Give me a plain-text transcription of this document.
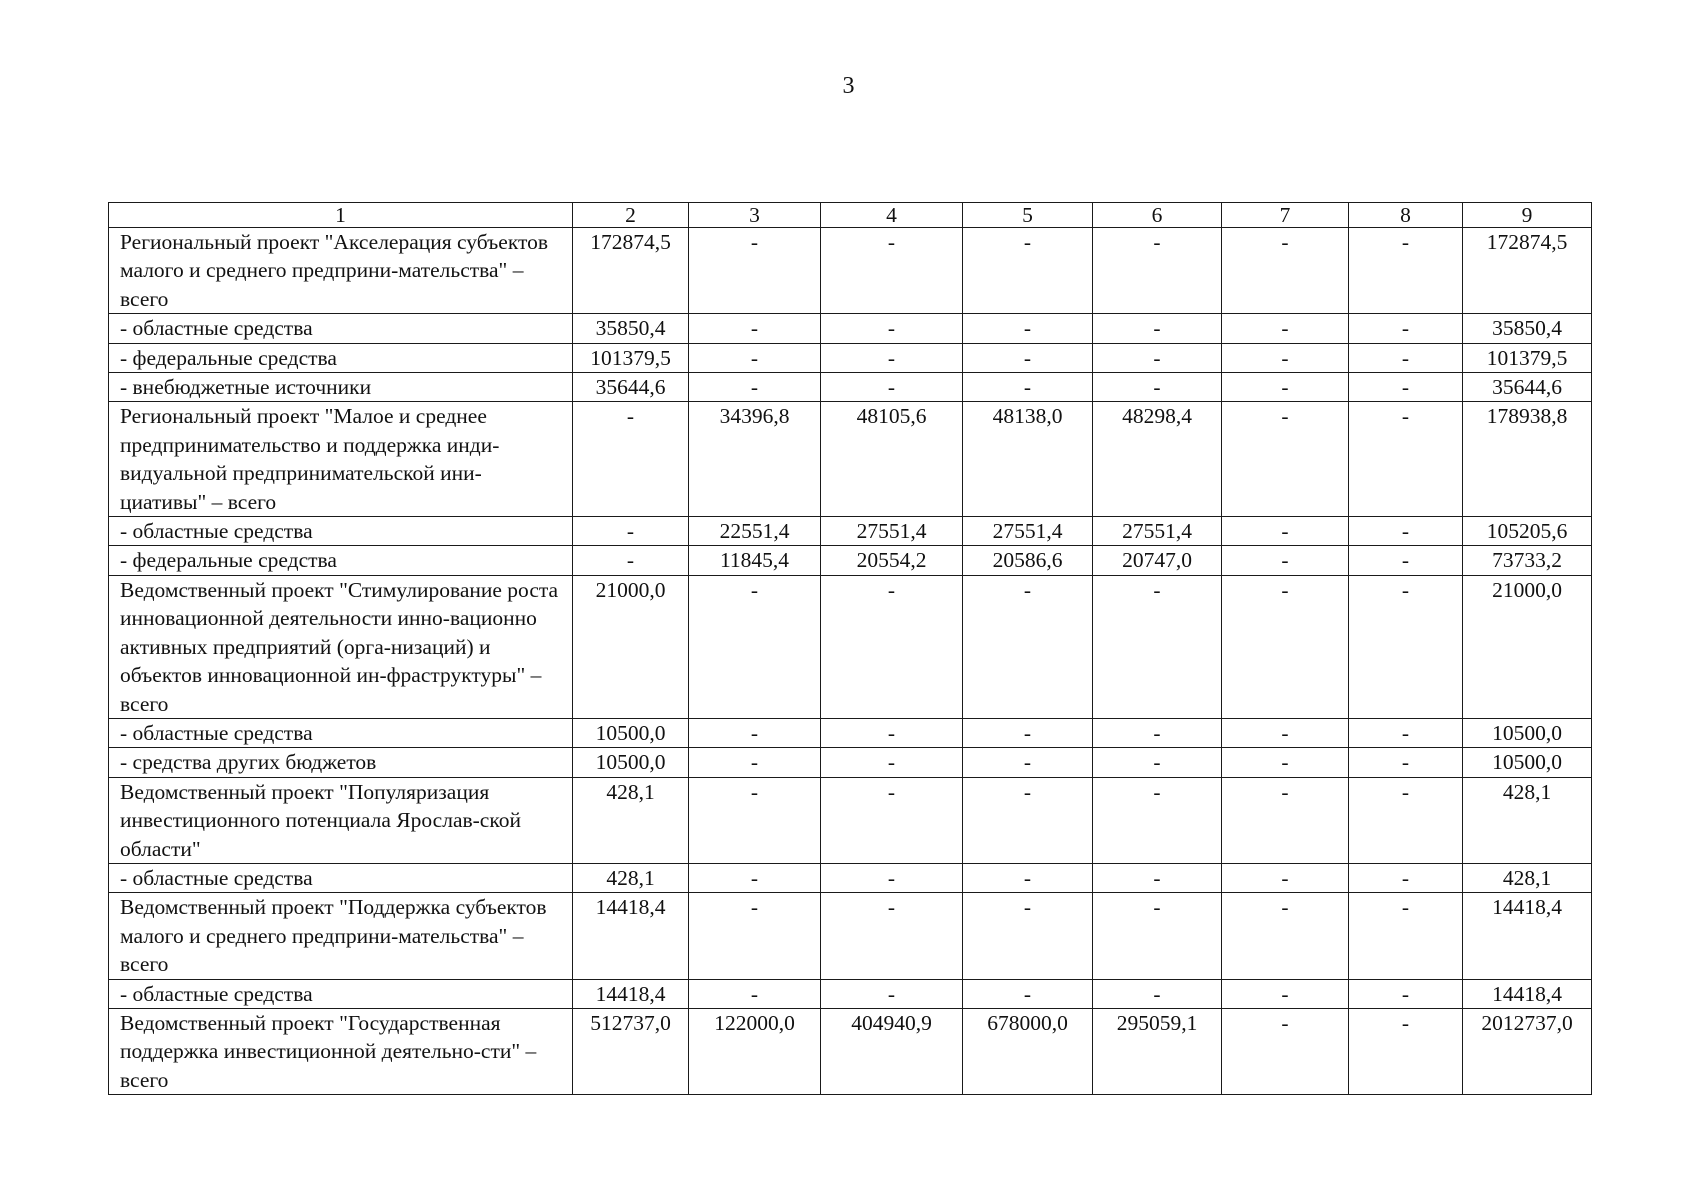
3
1	2	3	4	5	6	7	8	9
Региональный проект "Акселерация субъектов малого и среднего предприни-мательства" – всего	172874,5	-	-	-	-	-	-	172874,5
- областные средства	35850,4	-	-	-	-	-	-	35850,4
- федеральные средства	101379,5	-	-	-	-	-	-	101379,5
- внебюджетные источники	35644,6	-	-	-	-	-	-	35644,6
Региональный проект "Малое и среднее предпринимательство и поддержка инди-видуальной предпринимательской ини-циативы" – всего	-	34396,8	48105,6	48138,0	48298,4	-	-	178938,8
- областные средства	-	22551,4	27551,4	27551,4	27551,4	-	-	105205,6
- федеральные средства	-	11845,4	20554,2	20586,6	20747,0	-	-	73733,2
Ведомственный проект "Стимулирование роста инновационной деятельности инно-вационно активных предприятий (орга-низаций) и объектов инновационной ин-фраструктуры" – всего	21000,0	-	-	-	-	-	-	21000,0
- областные средства	10500,0	-	-	-	-	-	-	10500,0
- средства других бюджетов	10500,0	-	-	-	-	-	-	10500,0
Ведомственный проект "Популяризация инвестиционного потенциала Ярослав-ской области"	428,1	-	-	-	-	-	-	428,1
- областные средства	428,1	-	-	-	-	-	-	428,1
Ведомственный проект "Поддержка субъектов малого и среднего предприни-мательства" – всего	14418,4	-	-	-	-	-	-	14418,4
- областные средства	14418,4	-	-	-	-	-	-	14418,4
Ведомственный проект "Государственная поддержка инвестиционной деятельно-сти" – всего	512737,0	122000,0	404940,9	678000,0	295059,1	-	-	2012737,0
